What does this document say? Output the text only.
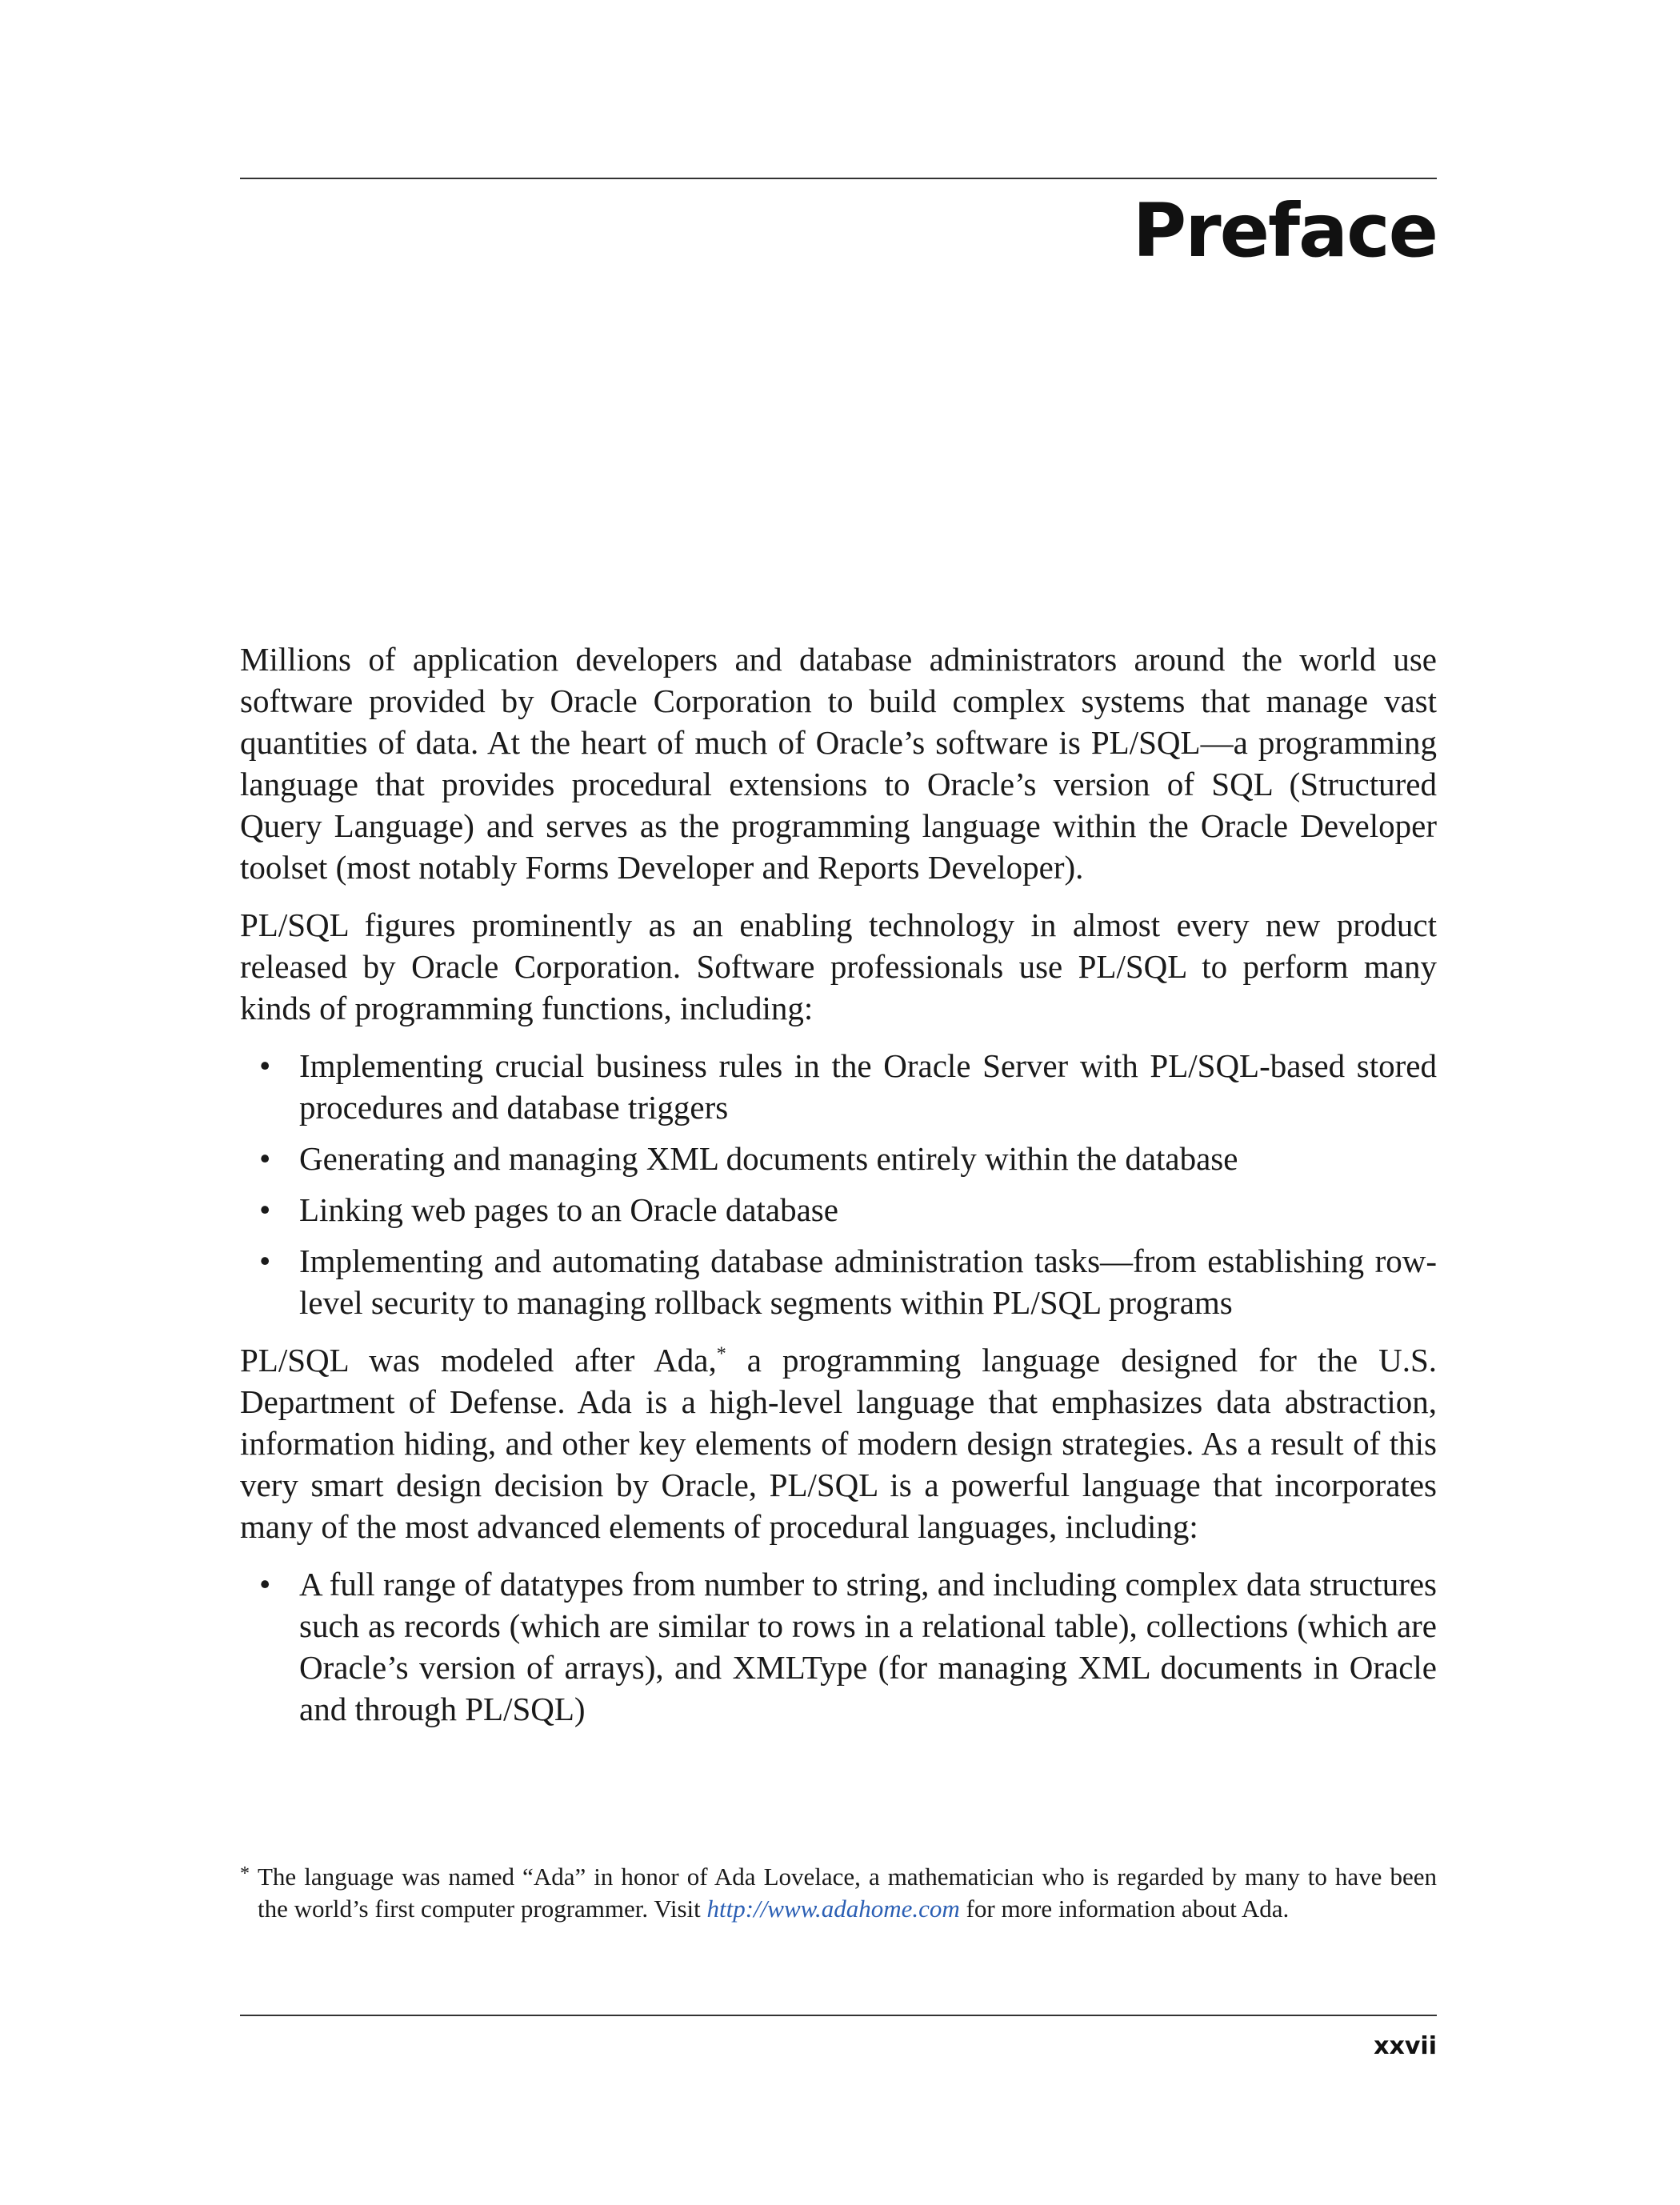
Preface

Millions of application developers and database administrators around the world use software provided by Oracle Corporation to build complex systems that manage vast quantities of data. At the heart of much of Oracle’s software is PL/SQL—a programming language that provides procedural extensions to Oracle’s version of SQL (Structured Query Language) and serves as the programming language within the Oracle Developer toolset (most notably Forms Developer and Reports Developer).

PL/SQL figures prominently as an enabling technology in almost every new product released by Oracle Corporation. Software professionals use PL/SQL to perform many kinds of programming functions, including:

• Implementing crucial business rules in the Oracle Server with PL/SQL-based stored procedures and database triggers
• Generating and managing XML documents entirely within the database
• Linking web pages to an Oracle database
• Implementing and automating database administration tasks—from establishing row-level security to managing rollback segments within PL/SQL programs

PL/SQL was modeled after Ada,* a programming language designed for the U.S. Department of Defense. Ada is a high-level language that emphasizes data abstraction, information hiding, and other key elements of modern design strategies. As a result of this very smart design decision by Oracle, PL/SQL is a powerful language that incorporates many of the most advanced elements of procedural languages, including:

• A full range of datatypes from number to string, and including complex data structures such as records (which are similar to rows in a relational table), collections (which are Oracle’s version of arrays), and XMLType (for managing XML documents in Oracle and through PL/SQL)
* The language was named “Ada” in honor of Ada Lovelace, a mathematician who is regarded by many to have been the world’s first computer programmer. Visit http://www.adahome.com for more information about Ada.

xxvii
